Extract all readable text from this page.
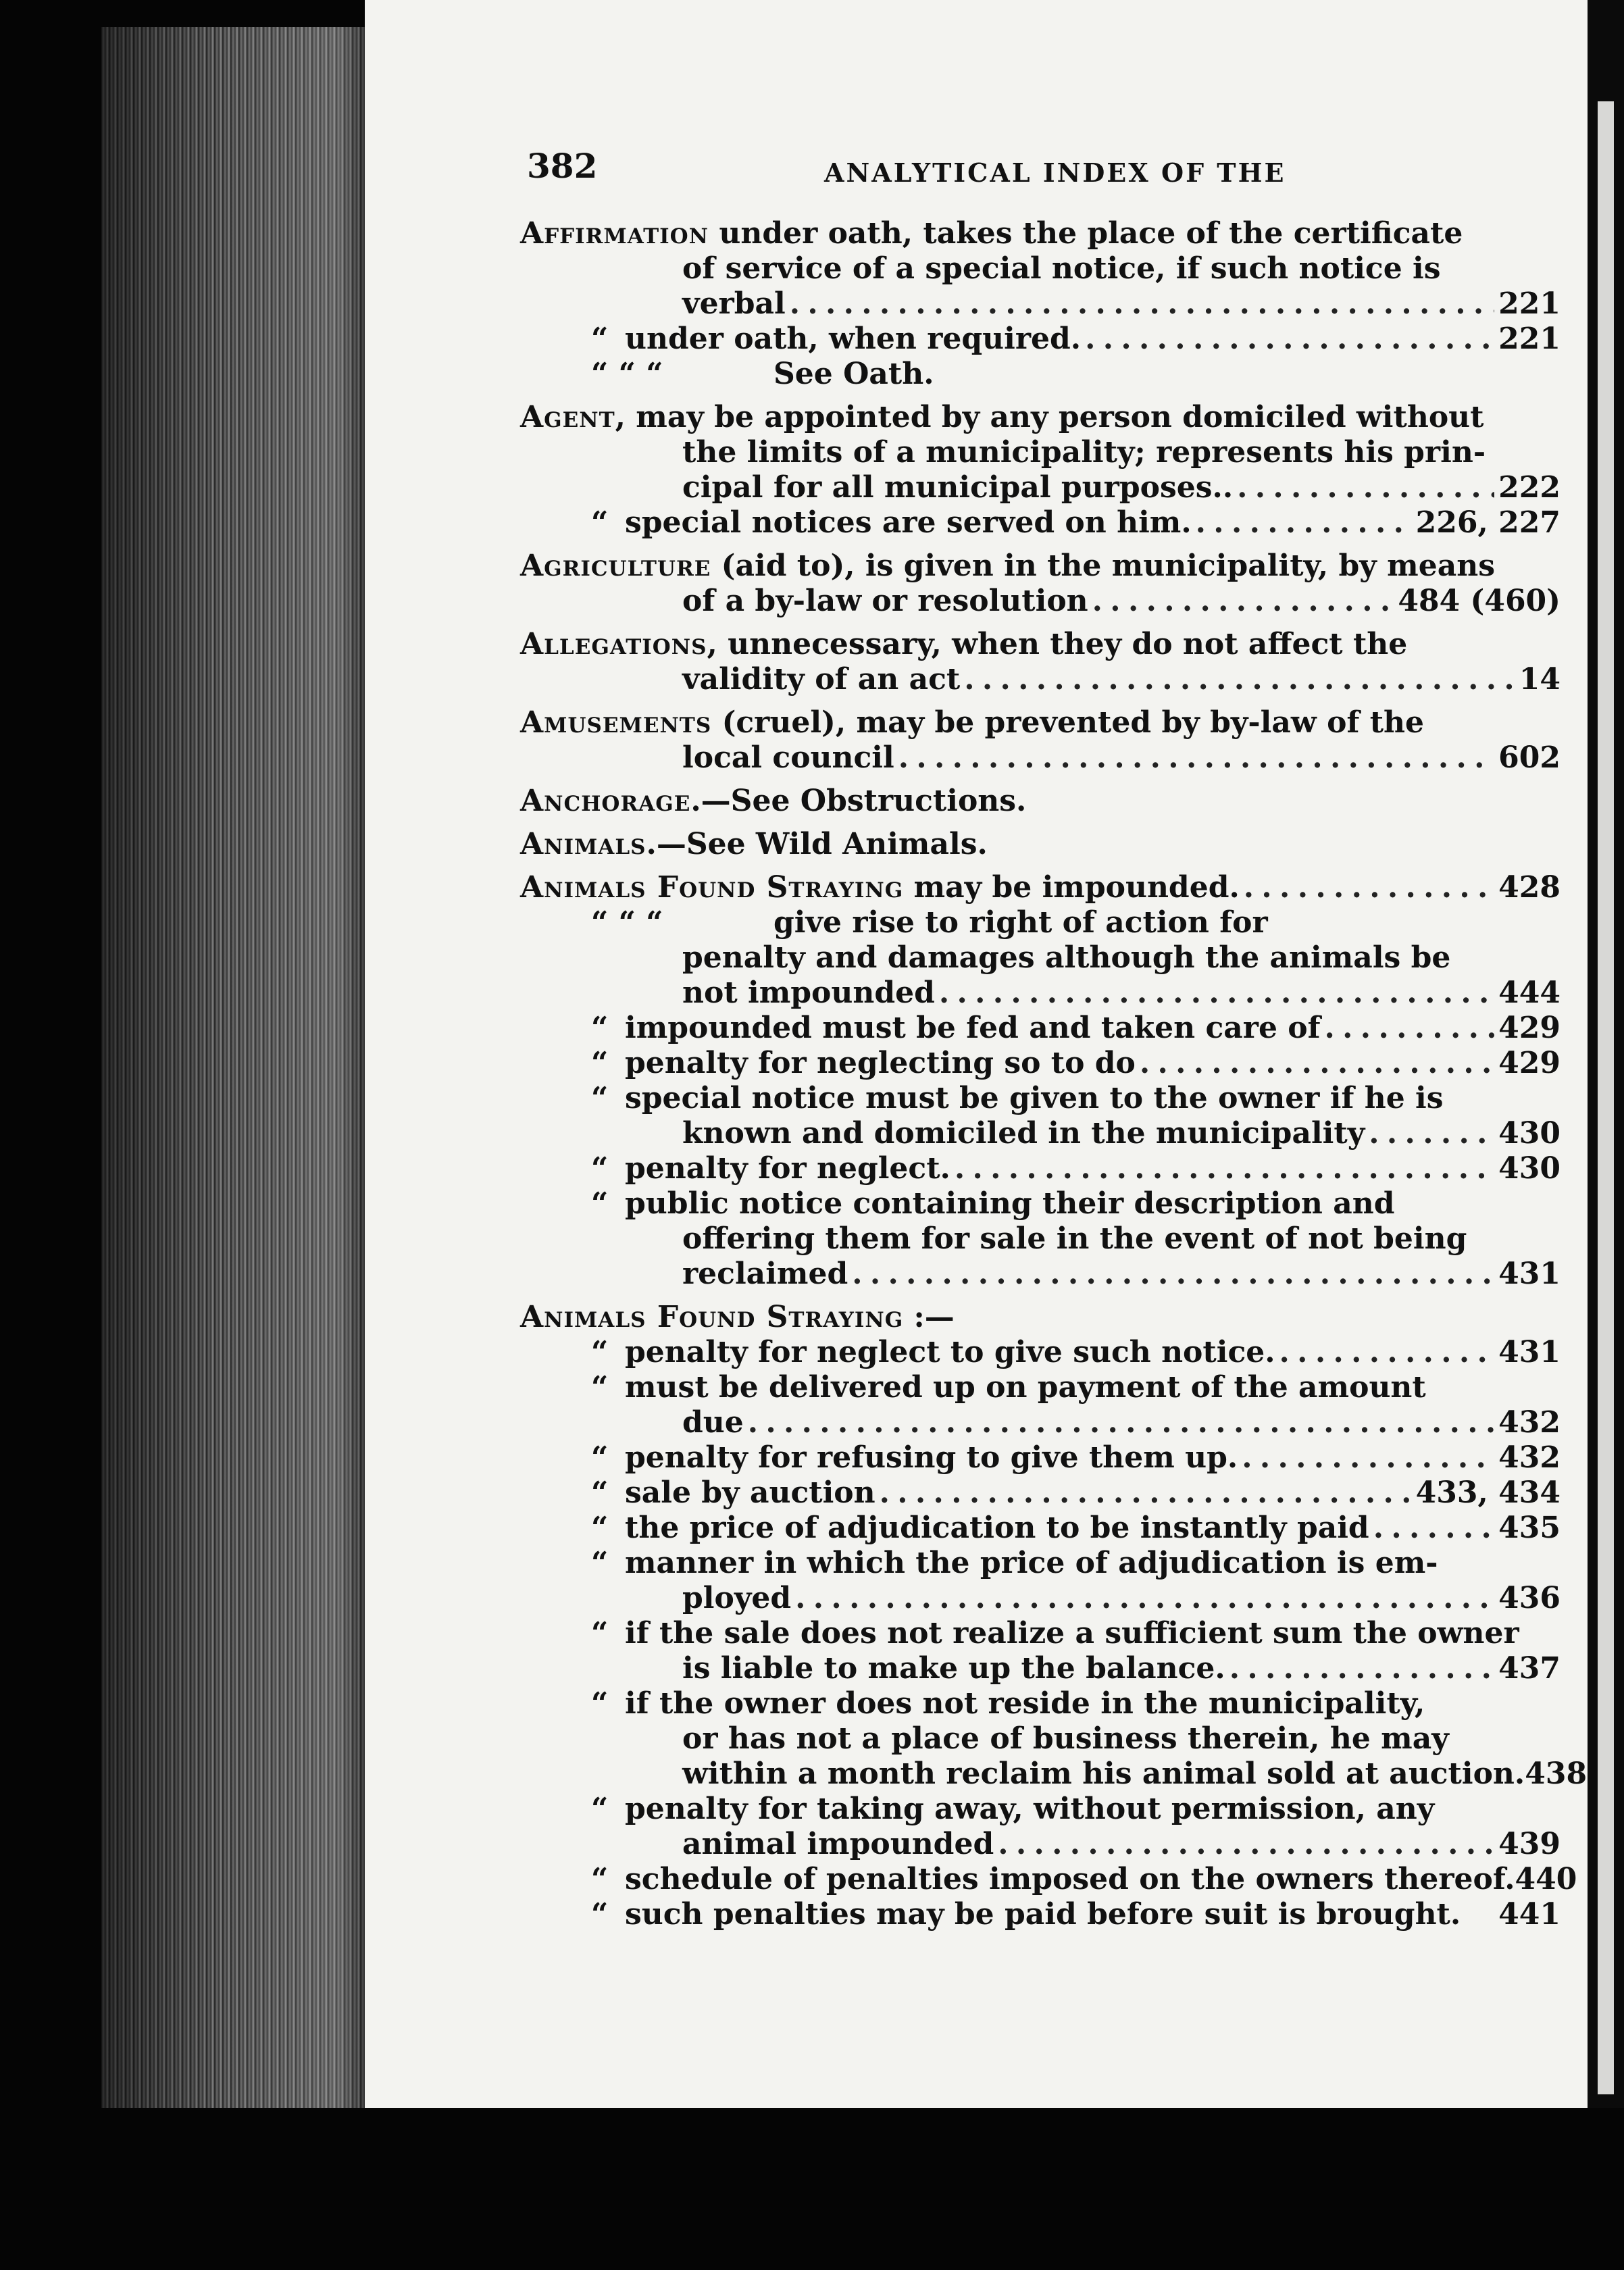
382	ANALYTICAL INDEX OF THE
Affirmation under oath, takes the place of the certificate
of service of a special notice, if such notice is
verbal . . .	221
“ under oath, when required. . . .	221
“ “ “	See Oath.
Agent, may be appointed by any person domiciled without
the limits of a municipality; represents his prin-
cipal for all municipal purposes.. . . .	222
“ special notices are served on him. . . .	226, 227
Agriculture (aid to), is given in the municipality, by means
of a by-law or resolution . . .	484 (460)
Allegations, unnecessary, when they do not affect the
validity of an act . . .	14
Amusements (cruel), may be prevented by by-law of the
local council . . .	602
Anchorage.—See Obstructions.
Animals.—See Wild Animals.
Animals Found Straying may be impounded. . . .	428
“ “ “	give rise to right of action for
penalty and damages although the animals be
not impounded . . .	444
“ impounded must be fed and taken care of . . .	429
“ penalty for neglecting so to do . . .	429
“ special notice must be given to the owner if he is
known and domiciled in the municipality . . .	430
“ penalty for neglect. . . .	430
“ public notice containing their description and
offering them for sale in the event of not being
reclaimed . . .	431
Animals Found Straying :—
“ penalty for neglect to give such notice. . . .	431
“ must be delivered up on payment of the amount
due . . .	432
“ penalty for refusing to give them up. . . .	432
“ sale by auction . . .	433, 434
“ the price of adjudication to be instantly paid . . .	435
“ manner in which the price of adjudication is em-
ployed . . .	436
“ if the sale does not realize a sufficient sum the owner
is liable to make up the balance. . . .	437
“ if the owner does not reside in the municipality,
or has not a place of business therein, he may
within a month reclaim his animal sold at auction. 438
“ penalty for taking away, without permission, any
animal impounded . . .	439
“ schedule of penalties imposed on the owners thereof. 440
“ such penalties may be paid before suit is brought. 441
